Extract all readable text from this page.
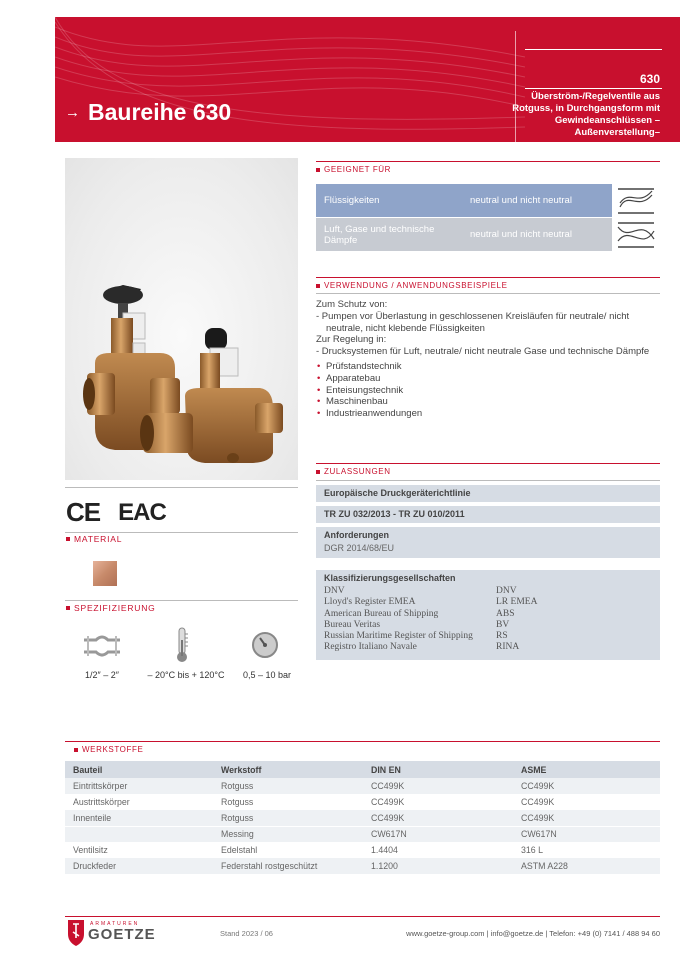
→ Baureihe 630
630
Überström-/Regelventile aus Rotguss, in Durchgangsform mit Gewindeanschlüssen –Außenverstellung–
CE EAC
MATERIAL
SPEZIFIZIERUNG
1/2″ – 2″	– 20°C bis + 120°C	0,5 – 10 bar
GEEIGNET FÜR
Flüssigkeiten	neutral und nicht neutral
Luft, Gase und technische Dämpfe	neutral und nicht neutral
VERWENDUNG / ANWENDUNGSBEISPIELE
Zum Schutz von:
- Pumpen vor Überlastung in geschlossenen Kreisläufen für neutrale/ nicht neutrale, nicht klebende Flüssigkeiten
Zur Regelung in:
- Drucksystemen für Luft, neutrale/ nicht neutrale Gase und technische Dämpfe
• Prüfstandstechnik
• Apparatebau
• Enteisungstechnik
• Maschinenbau
• Industrieanwendungen
ZULASSUNGEN
Europäische Druckgeräterichtlinie
TR ZU 032/2013 - TR ZU 010/2011
Anforderungen
DGR 2014/68/EU
Klassifizierungsgesellschaften
DNV	DNV
Lloyd's Register EMEA	LR EMEA
American Bureau of Shipping	ABS
Bureau Veritas	BV
Russian Maritime Register of Shipping	RS
Registro Italiano Navale	RINA
WERKSTOFFE
Bauteil	Werkstoff	DIN EN	ASME
Eintrittskörper	Rotguss	CC499K	CC499K
Austrittskörper	Rotguss	CC499K	CC499K
Innenteile	Rotguss	CC499K	CC499K
	Messing	CW617N	CW617N
Ventilsitz	Edelstahl	1.4404	316 L
Druckfeder	Federstahl rostgeschützt	1.1200	ASTM A228
ARMATUREN
GOETZE	Stand 2023 / 06	www.goetze-group.com | info@goetze.de | Telefon: +49 (0) 7141 / 488 94 60
